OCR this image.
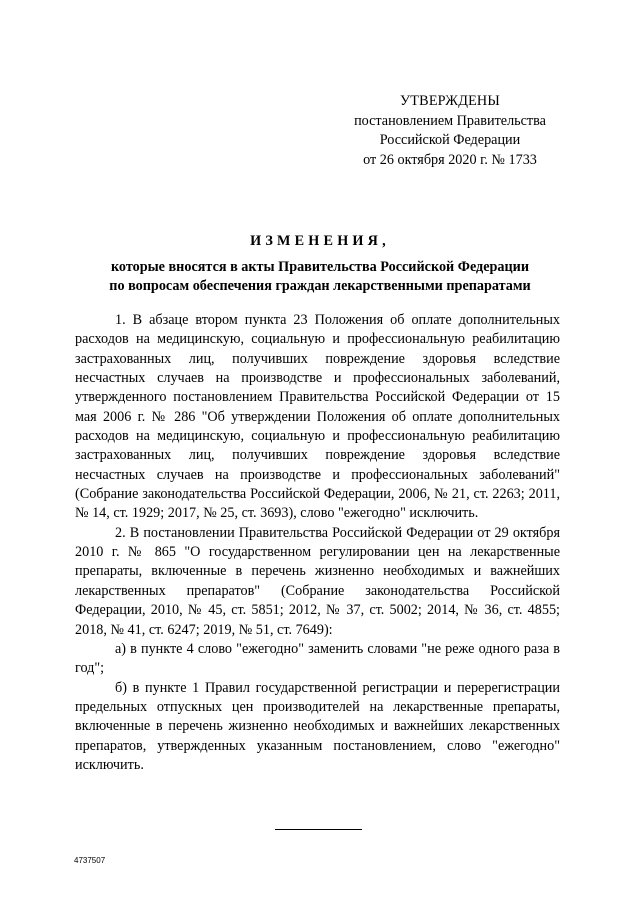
УТВЕРЖДЕНЫ
постановлением Правительства
Российской Федерации
от 26 октября 2020 г. № 1733
ИЗМЕНЕНИЯ,
которые вносятся в акты Правительства Российской Федерации
по вопросам обеспечения граждан лекарственными препаратами

1. В абзаце втором пункта 23 Положения об оплате дополнительных расходов на медицинскую, социальную и профессиональную реабилитацию застрахованных лиц, получивших повреждение здоровья вследствие несчастных случаев на производстве и профессиональных заболеваний, утвержденного постановлением Правительства Российской Федерации от 15 мая 2006 г. № 286 "Об утверждении Положения об оплате дополнительных расходов на медицинскую, социальную и профессиональную реабилитацию застрахованных лиц, получивших повреждение здоровья вследствие несчастных случаев на производстве и профессиональных заболеваний" (Собрание законодательства Российской Федерации, 2006, № 21, ст. 2263; 2011, № 14, ст. 1929; 2017, № 25, ст. 3693), слово "ежегодно" исключить.

2. В постановлении Правительства Российской Федерации от 29 октября 2010 г. № 865 "О государственном регулировании цен на лекарственные препараты, включенные в перечень жизненно необходимых и важнейших лекарственных препаратов" (Собрание законодательства Российской Федерации, 2010, № 45, ст. 5851; 2012, № 37, ст. 5002; 2014, № 36, ст. 4855; 2018, № 41, ст. 6247; 2019, № 51, ст. 7649):

а) в пункте 4 слово "ежегодно" заменить словами "не реже одного раза в год";

б) в пункте 1 Правил государственной регистрации и перерегистрации предельных отпускных цен производителей на лекарственные препараты, включенные в перечень жизненно необходимых и важнейших лекарственных препаратов, утвержденных указанным постановлением, слово "ежегодно" исключить.

4737507
